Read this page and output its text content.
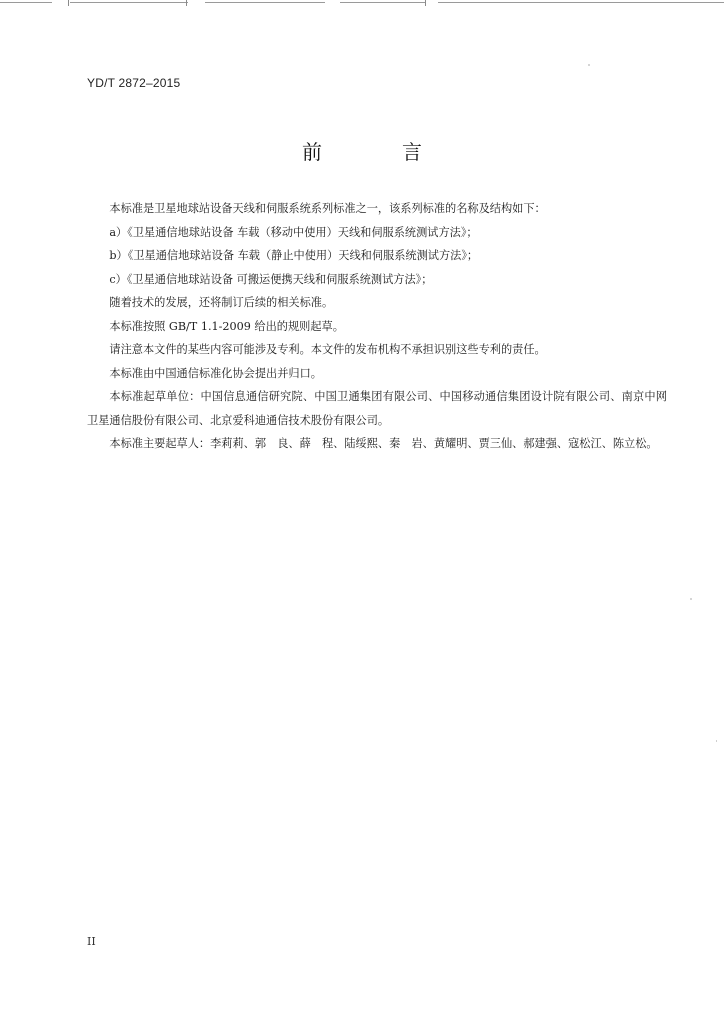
YD/T 2872–2015
前　言

本标准是卫星地球站设备天线和伺服系统系列标准之一，该系列标准的名称及结构如下：

a）《卫星通信地球站设备 车载（移动中使用）天线和伺服系统测试方法》；

b）《卫星通信地球站设备 车载（静止中使用）天线和伺服系统测试方法》；

c）《卫星通信地球站设备 可搬运便携天线和伺服系统测试方法》；

随着技术的发展，还将制订后续的相关标准。

本标准按照 GB/T 1.1-2009 给出的规则起草。

请注意本文件的某些内容可能涉及专利。本文件的发布机构不承担识别这些专利的责任。

本标准由中国通信标准化协会提出并归口。

本标准起草单位：中国信息通信研究院、中国卫通集团有限公司、中国移动通信集团设计院有限公司、南京中网卫星通信股份有限公司、北京爱科迪通信技术股份有限公司。

本标准主要起草人：李莉莉、郭　良、薛　程、陆绥熙、秦　岩、黄耀明、贾三仙、郝建强、寇松江、陈立松。

II
